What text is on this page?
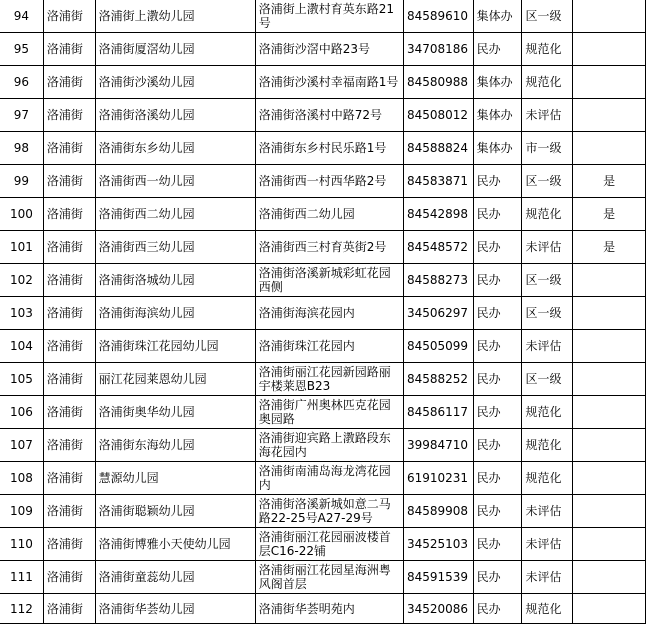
94	洛浦街	洛浦街上漖幼儿园	洛浦街上漖村育英东路21号	84589610	集体办	区一级	
95	洛浦街	洛浦街厦滘幼儿园	洛浦街沙滘中路23号	34708186	民办	规范化	
96	洛浦街	洛浦街沙溪幼儿园	洛浦街沙溪村幸福南路1号	84580988	集体办	规范化	
97	洛浦街	洛浦街洛溪幼儿园	洛浦街洛溪村中路72号	84508012	集体办	未评估	
98	洛浦街	洛浦街东乡幼儿园	洛浦街东乡村民乐路1号	84588824	集体办	市一级	
99	洛浦街	洛浦街西一幼儿园	洛浦街西一村西华路2号	84583871	民办	区一级	是
100	洛浦街	洛浦街西二幼儿园	洛浦街西二幼儿园	84542898	民办	规范化	是
101	洛浦街	洛浦街西三幼儿园	洛浦街西三村育英街2号	84548572	民办	未评估	是
102	洛浦街	洛浦街洛城幼儿园	洛浦街洛溪新城彩虹花园西侧	84588273	民办	区一级	
103	洛浦街	洛浦街海滨幼儿园	洛浦街海滨花园内	34506297	民办	区一级	
104	洛浦街	洛浦街珠江花园幼儿园	洛浦街珠江花园内	84505099	民办	未评估	
105	洛浦街	丽江花园莱恩幼儿园	洛浦街丽江花园新园路丽宇楼莱恩B23	84588252	民办	区一级	
106	洛浦街	洛浦街奥华幼儿园	洛浦街广州奥林匹克花园奥园路	84586117	民办	规范化	
107	洛浦街	洛浦街东海幼儿园	洛浦街迎宾路上漖路段东海花园内	39984710	民办	规范化	
108	洛浦街	慧源幼儿园	洛浦街南浦岛海龙湾花园内	61910231	民办	规范化	
109	洛浦街	洛浦街聪颖幼儿园	洛浦街洛溪新城如意二马路22-25号A27-29号	84589908	民办	未评估	
110	洛浦街	洛浦街博雅小天使幼儿园	洛浦街丽江花园丽波楼首层C16-22铺	34525103	民办	未评估	
111	洛浦街	洛浦街童蕊幼儿园	洛浦街丽江花园星海洲粤风阁首层	84591539	民办	未评估	
112	洛浦街	洛浦街华荟幼儿园	洛浦街华荟明苑内	34520086	民办	规范化	
